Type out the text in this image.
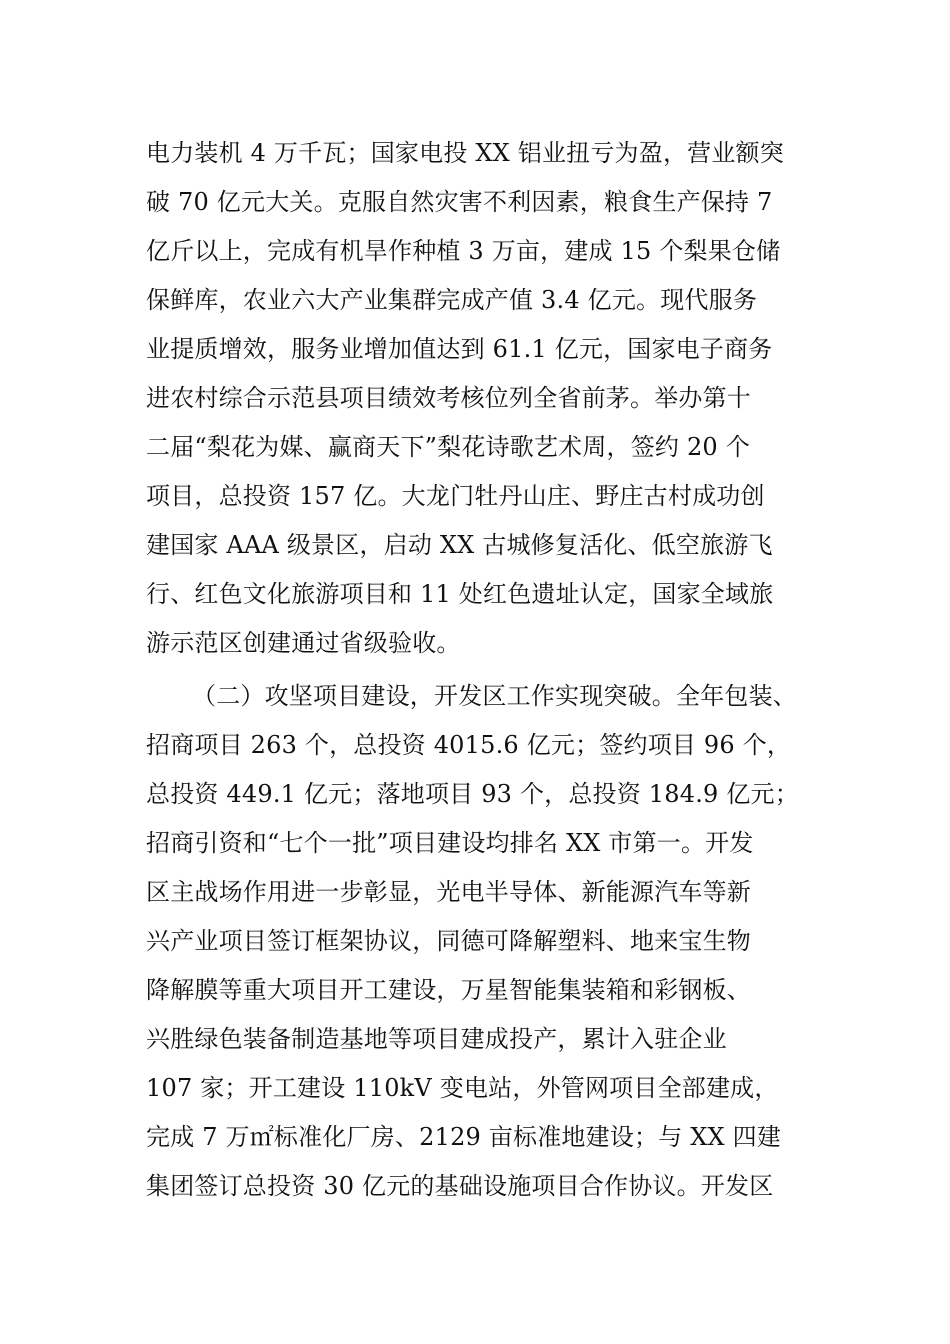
电力装机 4 万千瓦；国家电投 XX 铝业扭亏为盈，营业额突
破 70 亿元大关。克服自然灾害不利因素，粮食生产保持 7
亿斤以上，完成有机旱作种植 3 万亩，建成 15 个梨果仓储
保鲜库，农业六大产业集群完成产值 3.4 亿元。现代服务
业提质增效，服务业增加值达到 61.1 亿元，国家电子商务
进农村综合示范县项目绩效考核位列全省前茅。举办第十
二届“梨花为媒、赢商天下”梨花诗歌艺术周，签约 20 个
项目，总投资 157 亿。大龙门牡丹山庄、野庄古村成功创
建国家 AAA 级景区，启动 XX 古城修复活化、低空旅游飞
行、红色文化旅游项目和 11 处红色遗址认定，国家全域旅
游示范区创建通过省级验收。
（二）攻坚项目建设，开发区工作实现突破。全年包装、
招商项目 263 个，总投资 4015.6 亿元；签约项目 96 个，
总投资 449.1 亿元；落地项目 93 个，总投资 184.9 亿元；
招商引资和“七个一批”项目建设均排名 XX 市第一。开发
区主战场作用进一步彰显，光电半导体、新能源汽车等新
兴产业项目签订框架协议，同德可降解塑料、地来宝生物
降解膜等重大项目开工建设，万星智能集装箱和彩钢板、
兴胜绿色装备制造基地等项目建成投产，累计入驻企业
107 家；开工建设 110kV 变电站，外管网项目全部建成，
完成 7 万㎡标准化厂房、2129 亩标准地建设；与 XX 四建
集团签订总投资 30 亿元的基础设施项目合作协议。开发区
